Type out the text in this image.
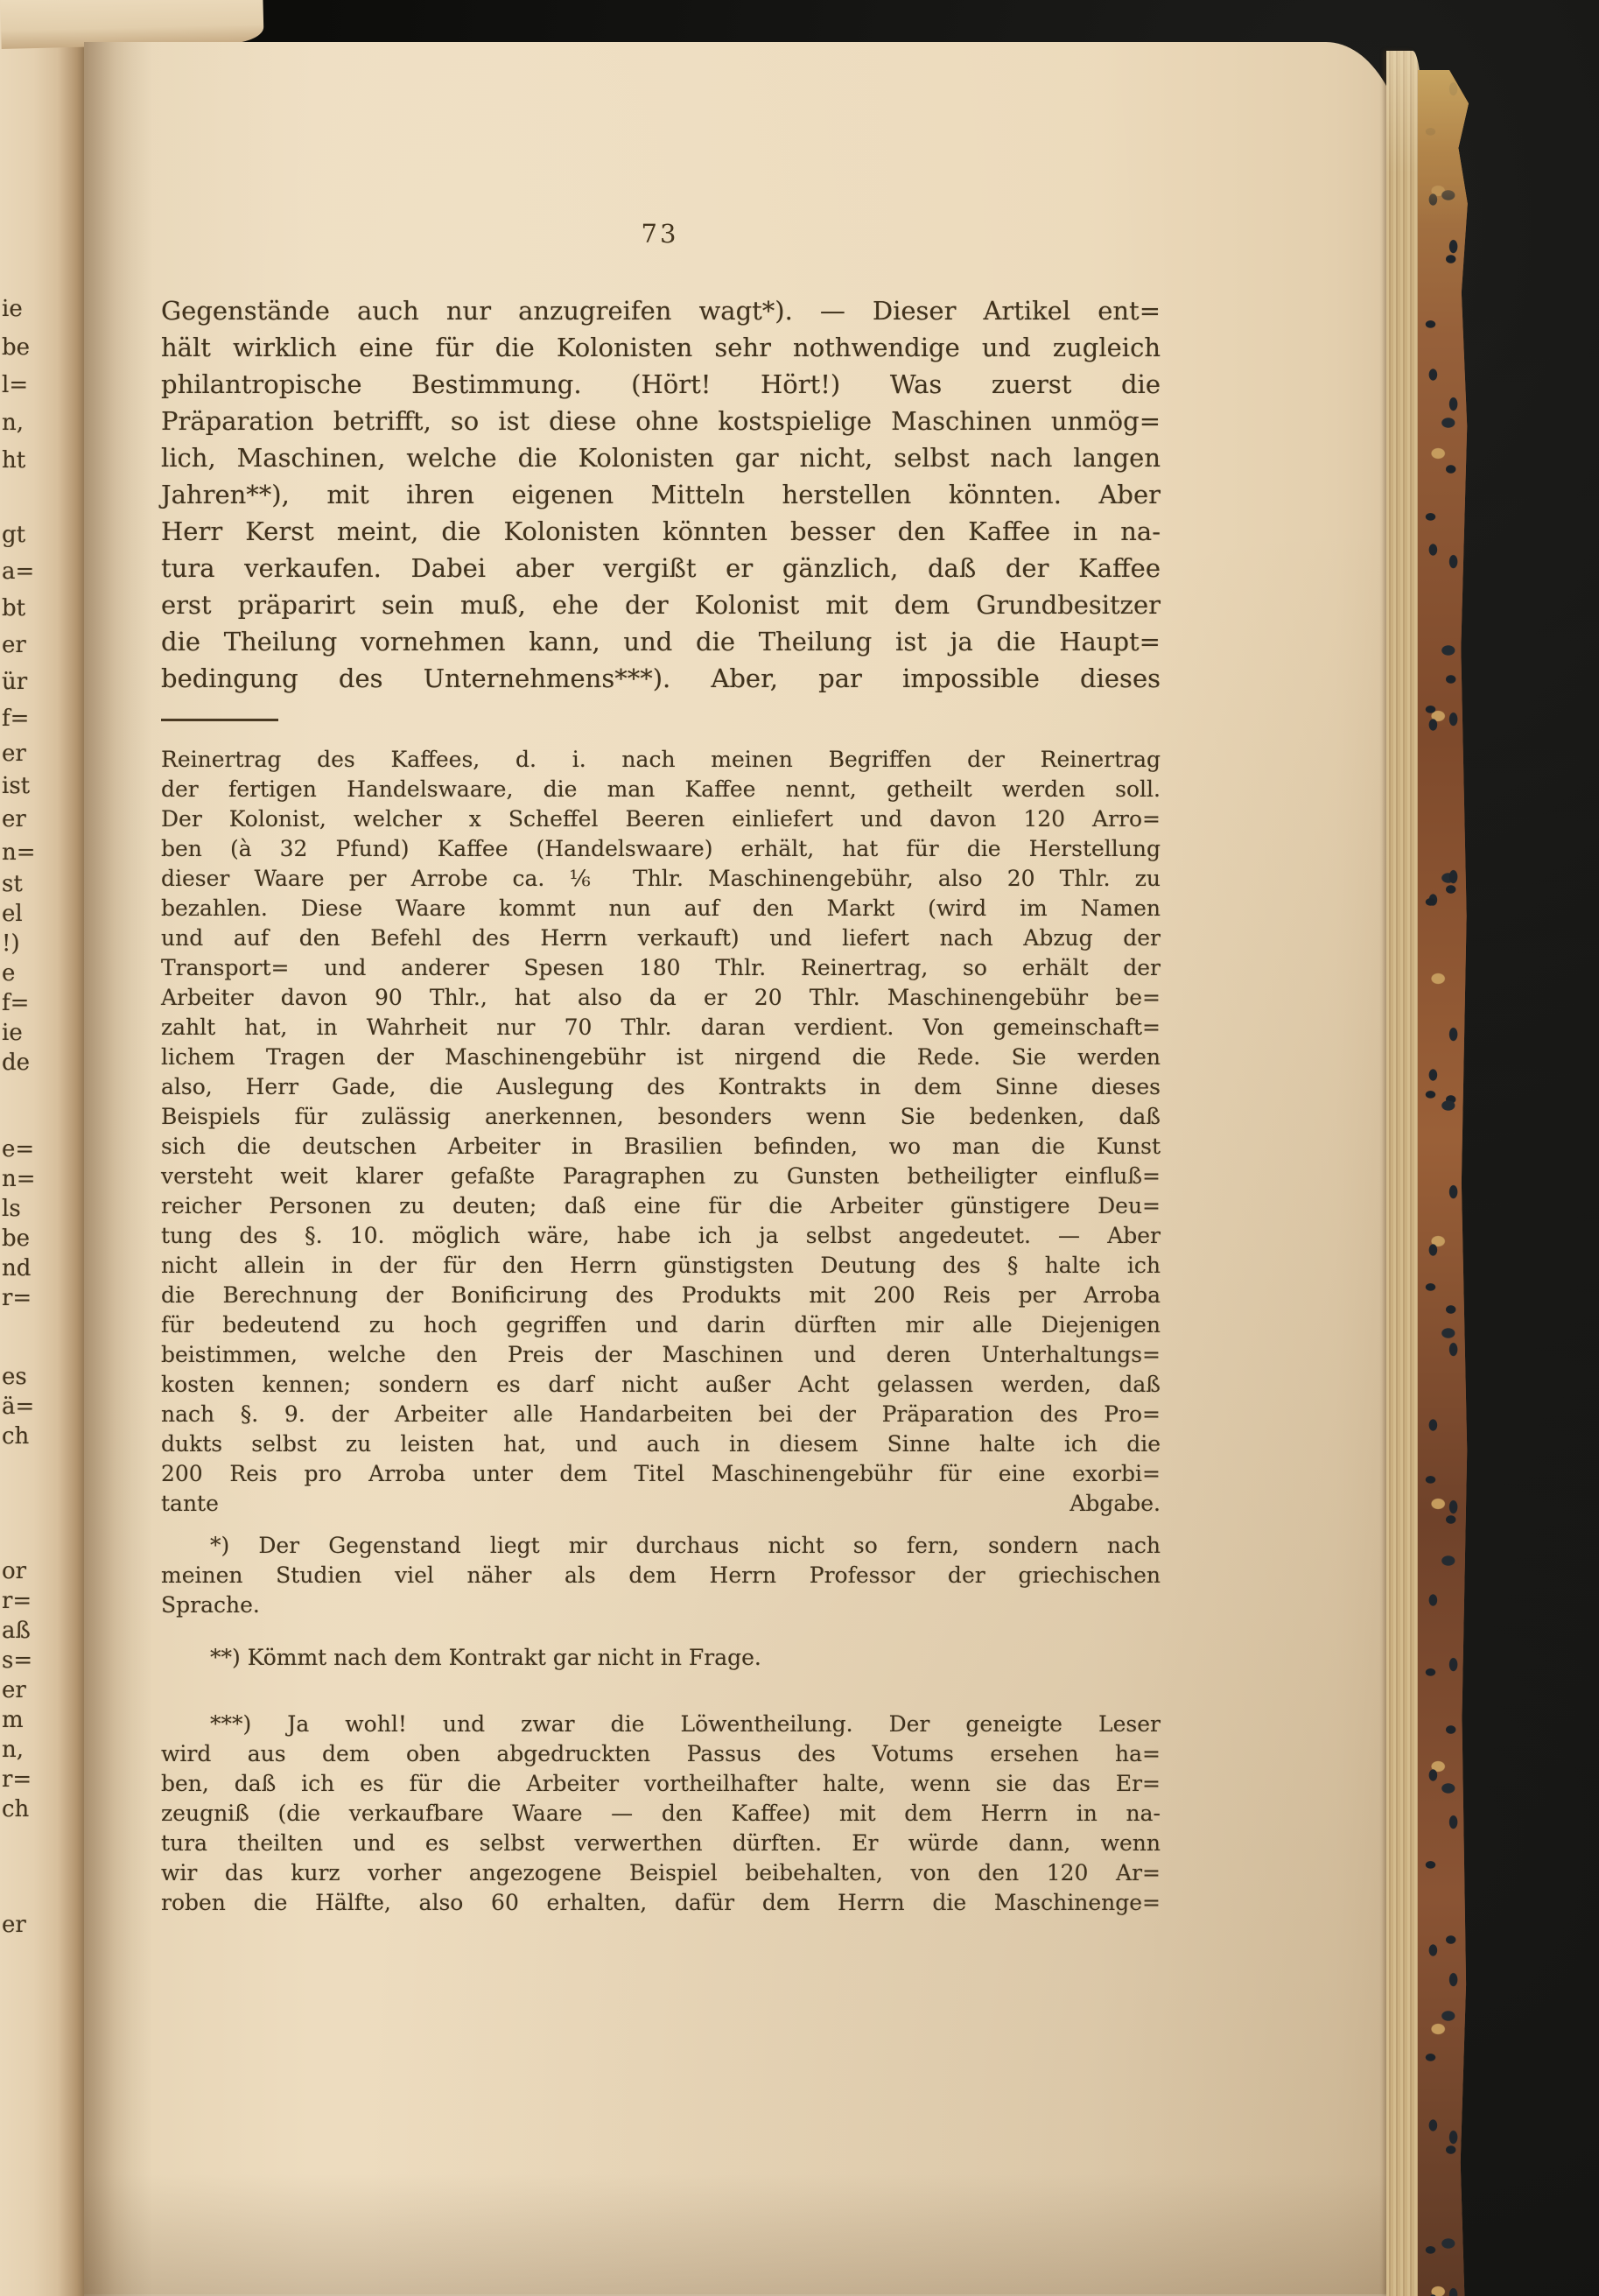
ie
be
l=
n,
ht
gt
a=
bt
er
ür
f=
er
ist
er
n=
st
el
!)
e
f=
ie
de
e=
n=
ls
be
nd
r=
es
ä=
ch
or
r=
aß
s=
er
m
n,
r=
ch
er
73
Gegenstände auch nur anzugreifen wagt*). — Dieser Artikel ent=
hält wirklich eine für die Kolonisten sehr nothwendige und zugleich
philantropische Bestimmung. (Hört! Hört!) Was zuerst die
Präparation betrifft, so ist diese ohne kostspielige Maschinen unmög=
lich, Maschinen, welche die Kolonisten gar nicht, selbst nach langen
Jahren**), mit ihren eigenen Mitteln herstellen könnten. Aber
Herr Kerst meint, die Kolonisten könnten besser den Kaffee in na-
tura verkaufen. Dabei aber vergißt er gänzlich, daß der Kaffee
erst präparirt sein muß, ehe der Kolonist mit dem Grundbesitzer
die Theilung vornehmen kann, und die Theilung ist ja die Haupt=
bedingung des Unternehmens***). Aber, par impossible dieses
Reinertrag des Kaffees, d. i. nach meinen Begriffen der Reinertrag
der fertigen Handelswaare, die man Kaffee nennt, getheilt werden soll.
Der Kolonist, welcher x Scheffel Beeren einliefert und davon 120 Arro=
ben (à 32 Pfund) Kaffee (Handelswaare) erhält, hat für die Herstellung
dieser Waare per Arrobe ca. ⅙ Thlr. Maschinengebühr, also 20 Thlr. zu
bezahlen. Diese Waare kommt nun auf den Markt (wird im Namen
und auf den Befehl des Herrn verkauft) und liefert nach Abzug der
Transport= und anderer Spesen 180 Thlr. Reinertrag, so erhält der
Arbeiter davon 90 Thlr., hat also da er 20 Thlr. Maschinengebühr be=
zahlt hat, in Wahrheit nur 70 Thlr. daran verdient. Von gemeinschaft=
lichem Tragen der Maschinengebühr ist nirgend die Rede. Sie werden
also, Herr Gade, die Auslegung des Kontrakts in dem Sinne dieses
Beispiels für zulässig anerkennen, besonders wenn Sie bedenken, daß
sich die deutschen Arbeiter in Brasilien befinden, wo man die Kunst
versteht weit klarer gefaßte Paragraphen zu Gunsten betheiligter einfluß=
reicher Personen zu deuten; daß eine für die Arbeiter günstigere Deu=
tung des §. 10. möglich wäre, habe ich ja selbst angedeutet. — Aber
nicht allein in der für den Herrn günstigsten Deutung des § halte ich
die Berechnung der Bonificirung des Produkts mit 200 Reis per Arroba
für bedeutend zu hoch gegriffen und darin dürften mir alle Diejenigen
beistimmen, welche den Preis der Maschinen und deren Unterhaltungs=
kosten kennen; sondern es darf nicht außer Acht gelassen werden, daß
nach §. 9. der Arbeiter alle Handarbeiten bei der Präparation des Pro=
dukts selbst zu leisten hat, und auch in diesem Sinne halte ich die
200 Reis pro Arroba unter dem Titel Maschinengebühr für eine exorbi=
tante Abgabe.
*) Der Gegenstand liegt mir durchaus nicht so fern, sondern nach
meinen Studien viel näher als dem Herrn Professor der griechischen
Sprache.
**) Kömmt nach dem Kontrakt gar nicht in Frage.
***) Ja wohl! und zwar die Löwentheilung. Der geneigte Leser
wird aus dem oben abgedruckten Passus des Votums ersehen ha=
ben, daß ich es für die Arbeiter vortheilhafter halte, wenn sie das Er=
zeugniß (die verkaufbare Waare — den Kaffee) mit dem Herrn in na-
tura theilten und es selbst verwerthen dürften. Er würde dann, wenn
wir das kurz vorher angezogene Beispiel beibehalten, von den 120 Ar=
roben die Hälfte, also 60 erhalten, dafür dem Herrn die Maschinenge=
